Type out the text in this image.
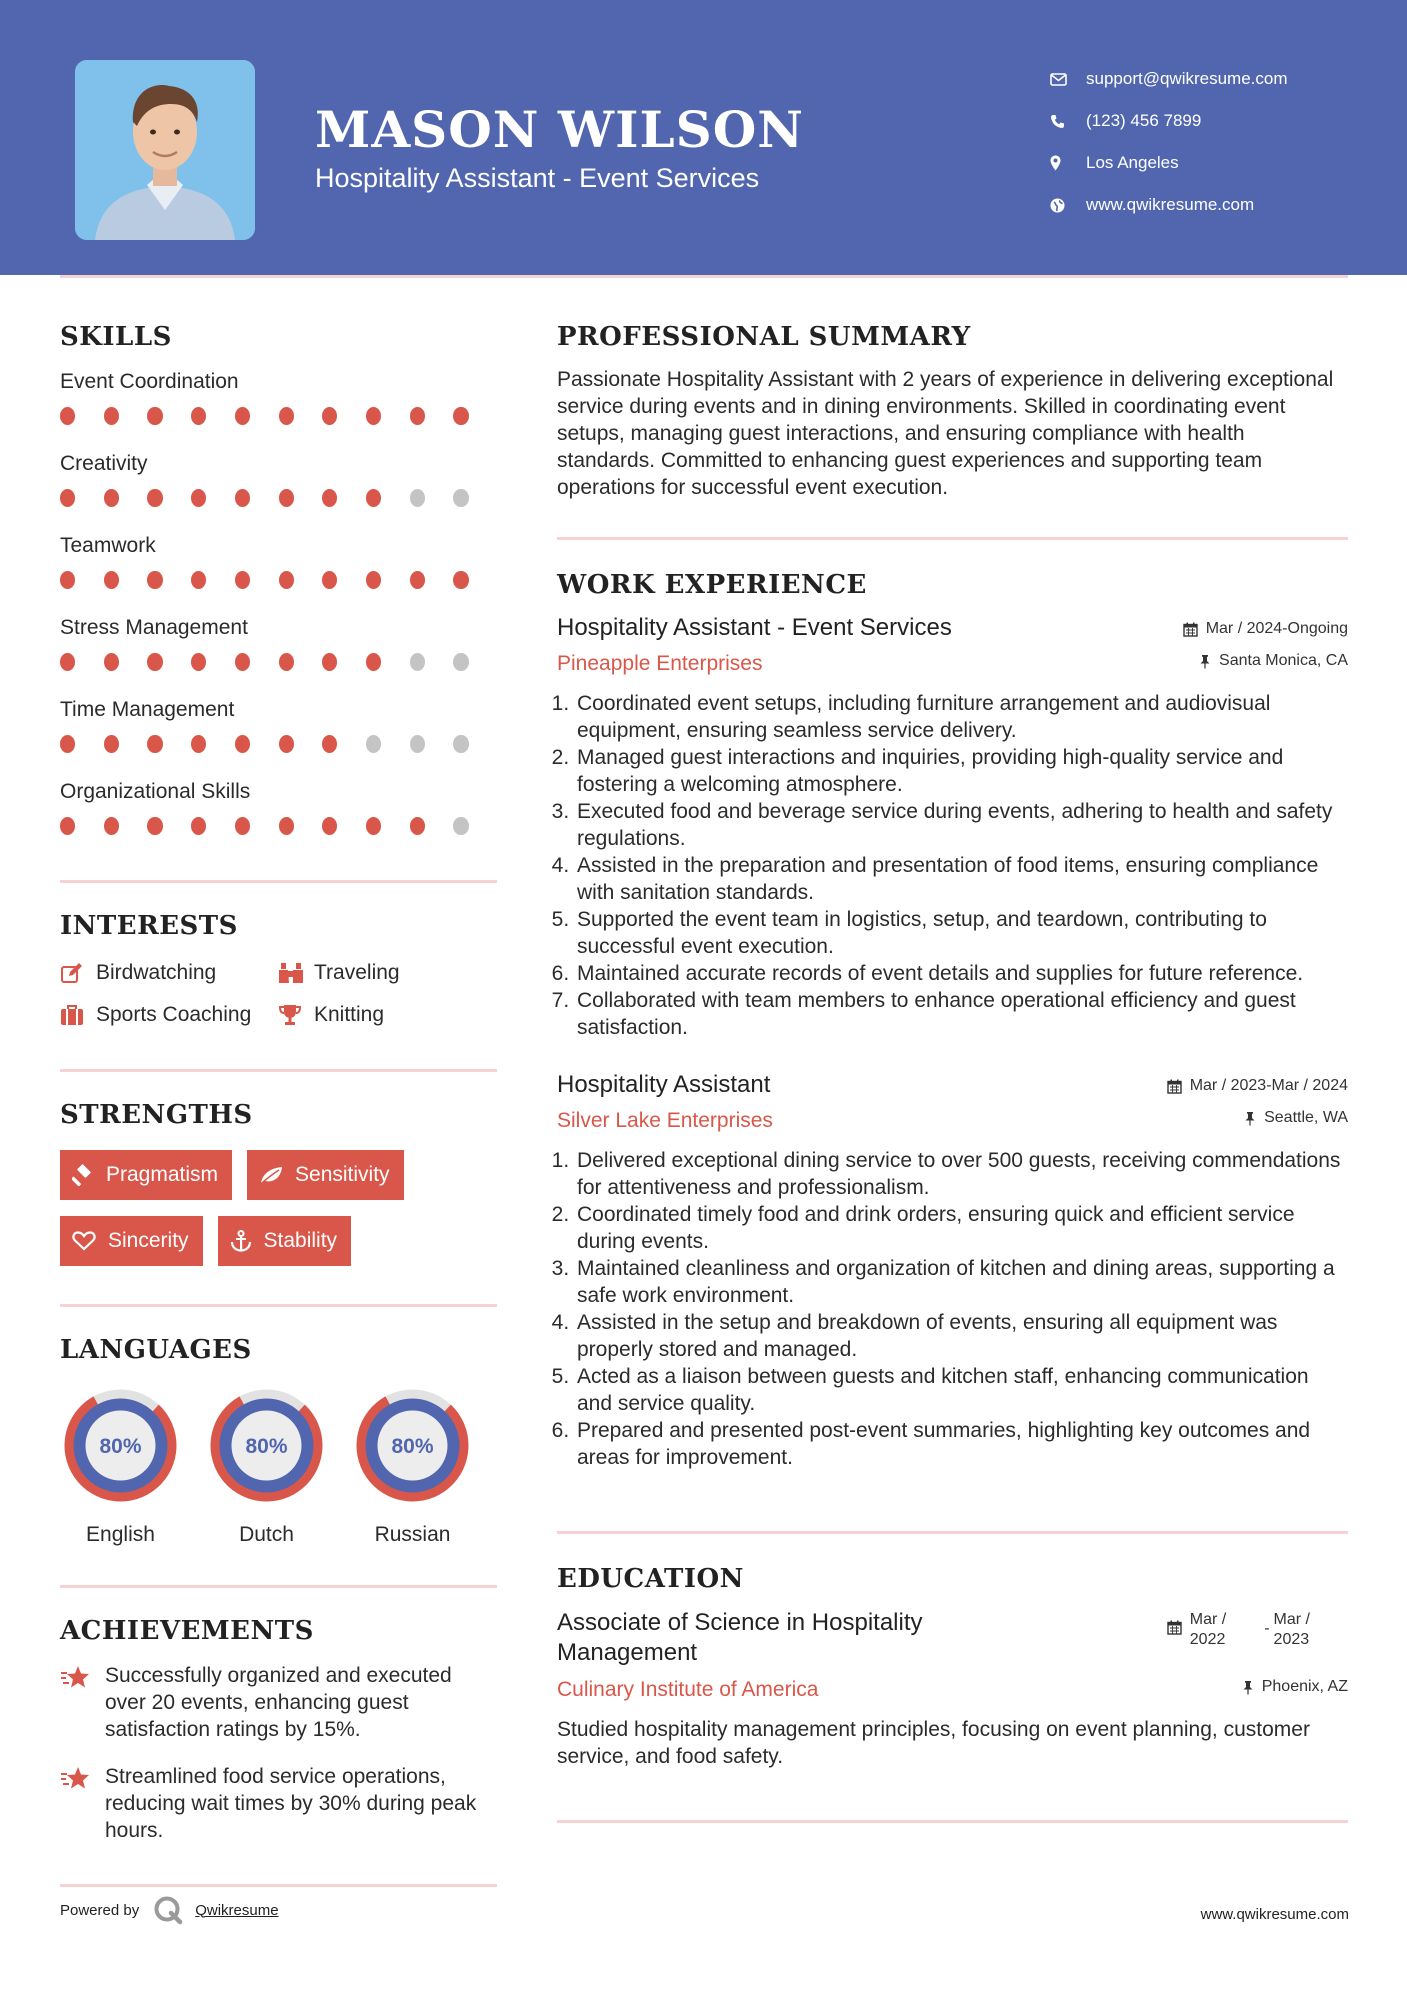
MASON WILSON
Hospitality Assistant - Event Services
support@qwikresume.com
(123) 456 7899
Los Angeles
www.qwikresume.com
SKILLS
Event Coordination
Creativity
Teamwork
Stress Management
Time Management
Organizational Skills
INTERESTS
Birdwatching	Traveling
Sports Coaching	Knitting
STRENGTHS
Pragmatism	Sensitivity
Sincerity	Stability
LANGUAGES
80%
English
80%
Dutch
80%
Russian
ACHIEVEMENTS
Successfully organized and executed over 20 events, enhancing guest satisfaction ratings by 15%.
Streamlined food service operations, reducing wait times by 30% during peak hours.
PROFESSIONAL SUMMARY

Passionate Hospitality Assistant with 2 years of experience in delivering exceptional service during events and in dining environments. Skilled in coordinating event setups, managing guest interactions, and ensuring compliance with health standards. Committed to enhancing guest experiences and supporting team operations for successful event execution.

WORK EXPERIENCE
Hospitality Assistant - Event Services	Mar / 2024-Ongoing
Pineapple Enterprises	Santa Monica, CA
1. Coordinated event setups, including furniture arrangement and audiovisual equipment, ensuring seamless service delivery.
2. Managed guest interactions and inquiries, providing high-quality service and fostering a welcoming atmosphere.
3. Executed food and beverage service during events, adhering to health and safety regulations.
4. Assisted in the preparation and presentation of food items, ensuring compliance with sanitation standards.
5. Supported the event team in logistics, setup, and teardown, contributing to successful event execution.
6. Maintained accurate records of event details and supplies for future reference.
7. Collaborated with team members to enhance operational efficiency and guest satisfaction.
Hospitality Assistant	Mar / 2023-Mar / 2024
Silver Lake Enterprises	Seattle, WA
1. Delivered exceptional dining service to over 500 guests, receiving commendations for attentiveness and professionalism.
2. Coordinated timely food and drink orders, ensuring quick and efficient service during events.
3. Maintained cleanliness and organization of kitchen and dining areas, supporting a safe work environment.
4. Assisted in the setup and breakdown of events, ensuring all equipment was properly stored and managed.
5. Acted as a liaison between guests and kitchen staff, enhancing communication and service quality.
6. Prepared and presented post-event summaries, highlighting key outcomes and areas for improvement.
EDUCATION
Associate of Science in Hospitality Management
Mar /
2022
-
Mar /
2023
Culinary Institute of America	Phoenix, AZ

Studied hospitality management principles, focusing on event planning, customer service, and food safety.

Powered by	Qwikresume	www.qwikresume.com
